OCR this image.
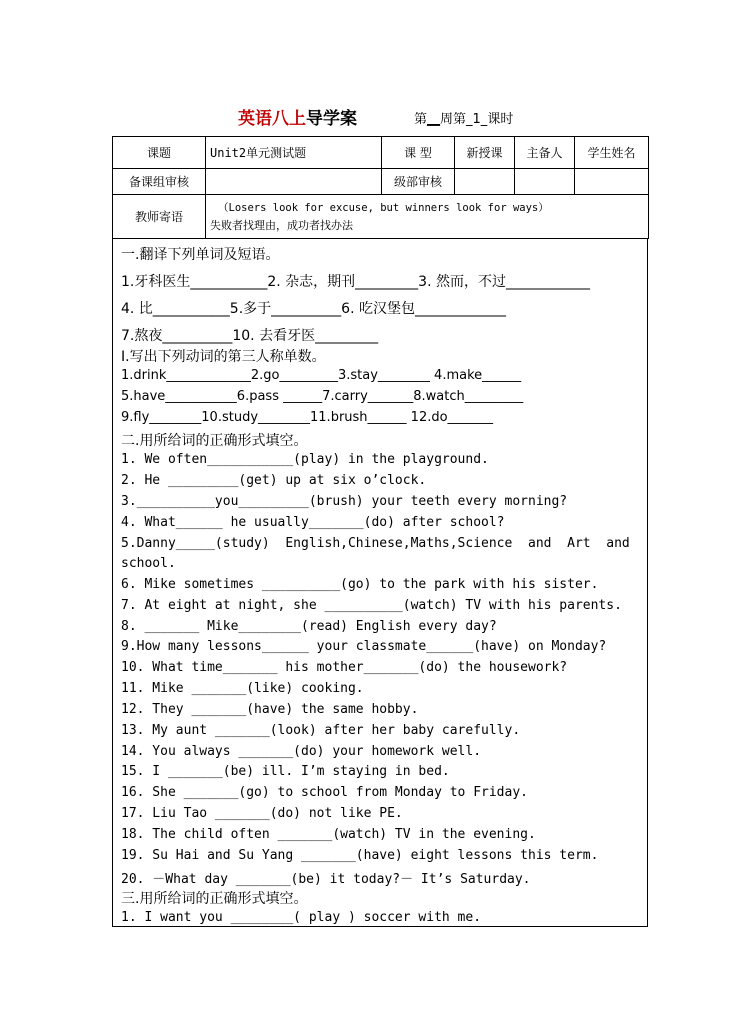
英语八上导学案	第__周第_1_课时
课题	Unit2单元测试题	课 型	新授课	主备人	学生姓名
备课组审核		级部审核			
教师寄语	（Losers look for excuse, but winners look for ways）
失败者找理由，成功者找办法				
一.翻译下列单词及短语。
1.牙科医生___________2. 杂志，期刊_________3. 然而，不过____________
4. 比___________5.多于__________6. 吃汉堡包_____________
7.熬夜__________10. 去看牙医_________
Ⅰ.写出下列动词的第三人称单数。
1.drink_____________2.go_________3.stay________ 4.make______
5.have___________6.pass ______7.carry_______8.watch_________
9.fly________10.study________11.brush______ 12.do_______
二.用所给词的正确形式填空。
1. We often___________(play) in the playground.
2. He _________(get) up at six o’clock.
3.__________you_________(brush) your teeth every morning?
4. What______ he usually_______(do) after school?
5.Danny_____(study)  English,Chinese,Maths,Science  and  Art  and
school.
6. Mike sometimes __________(go) to the park with his sister.
7. At eight at night, she __________(watch) TV with his parents.
8. _______ Mike________(read) English every day?
9.How many lessons______ your classmate______(have) on Monday?
10. What time_______ his mother_______(do) the housework?
11. Mike _______(like) cooking.
12. They _______(have) the same hobby.
13. My aunt _______(look) after her baby carefully.
14. You always _______(do) your homework well.
15. I _______(be) ill. I’m staying in bed.
16. She _______(go) to school from Monday to Friday.
17. Liu Tao _______(do) not like PE.
18. The child often _______(watch) TV in the evening.
19. Su Hai and Su Yang _______(have) eight lessons this term.
20. －What day _______(be) it today?－ It’s Saturday.
三.用所给词的正确形式填空。
1. I want you ________( play ) soccer with me.
